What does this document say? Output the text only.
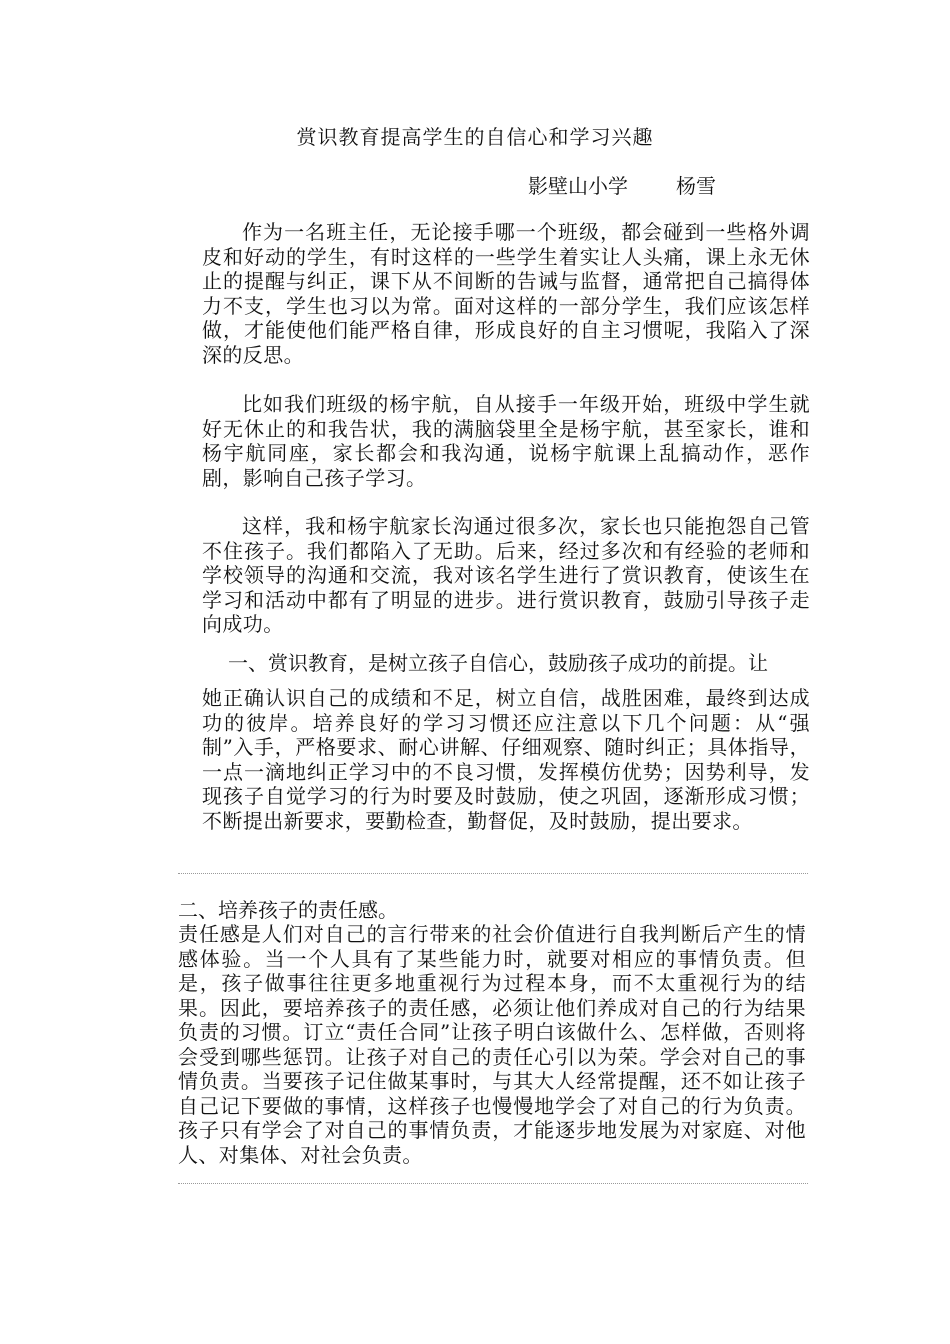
赏识教育提高学生的自信心和学习兴趣
影壁山小学 杨雪

作为一名班主任，无论接手哪一个班级，都会碰到一些格外调皮和好动的学生，有时这样的一些学生着实让人头痛，课上永无休止的提醒与纠正，课下从不间断的告诫与监督，通常把自己搞得体力不支，学生也习以为常。面对这样的一部分学生，我们应该怎样做，才能使他们能严格自律，形成良好的自主习惯呢，我陷入了深深的反思。

比如我们班级的杨宇航，自从接手一年级开始，班级中学生就好无休止的和我告状，我的满脑袋里全是杨宇航，甚至家长，谁和杨宇航同座，家长都会和我沟通，说杨宇航课上乱搞动作，恶作剧，影响自己孩子学习。

这样，我和杨宇航家长沟通过很多次，家长也只能抱怨自己管不住孩子。我们都陷入了无助。后来，经过多次和有经验的老师和学校领导的沟通和交流，我对该名学生进行了赏识教育，使该生在学习和活动中都有了明显的进步。进行赏识教育，鼓励引导孩子走向成功。

一、赏识教育，是树立孩子自信心，鼓励孩子成功的前提。让

她正确认识自己的成绩和不足，树立自信，战胜困难，最终到达成功的彼岸。培养良好的学习习惯还应注意以下几个问题：从“强制”入手，严格要求、耐心讲解、仔细观察、随时纠正；具体指导，一点一滴地纠正学习中的不良习惯，发挥模仿优势；因势利导，发现孩子自觉学习的行为时要及时鼓励，使之巩固，逐渐形成习惯；不断提出新要求，要勤检查，勤督促，及时鼓励，提出要求。

二、培养孩子的责任感。

责任感是人们对自己的言行带来的社会价值进行自我判断后产生的情感体验。当一个人具有了某些能力时，就要对相应的事情负责。但是，孩子做事往往更多地重视行为过程本身，而不太重视行为的结果。因此，要培养孩子的责任感，必须让他们养成对自己的行为结果负责的习惯。订立“责任合同”让孩子明白该做什么、怎样做，否则将会受到哪些惩罚。让孩子对自己的责任心引以为荣。学会对自己的事情负责。当要孩子记住做某事时，与其大人经常提醒，还不如让孩子自己记下要做的事情，这样孩子也慢慢地学会了对自己的行为负责。孩子只有学会了对自己的事情负责，才能逐步地发展为对家庭、对他人、对集体、对社会负责。
